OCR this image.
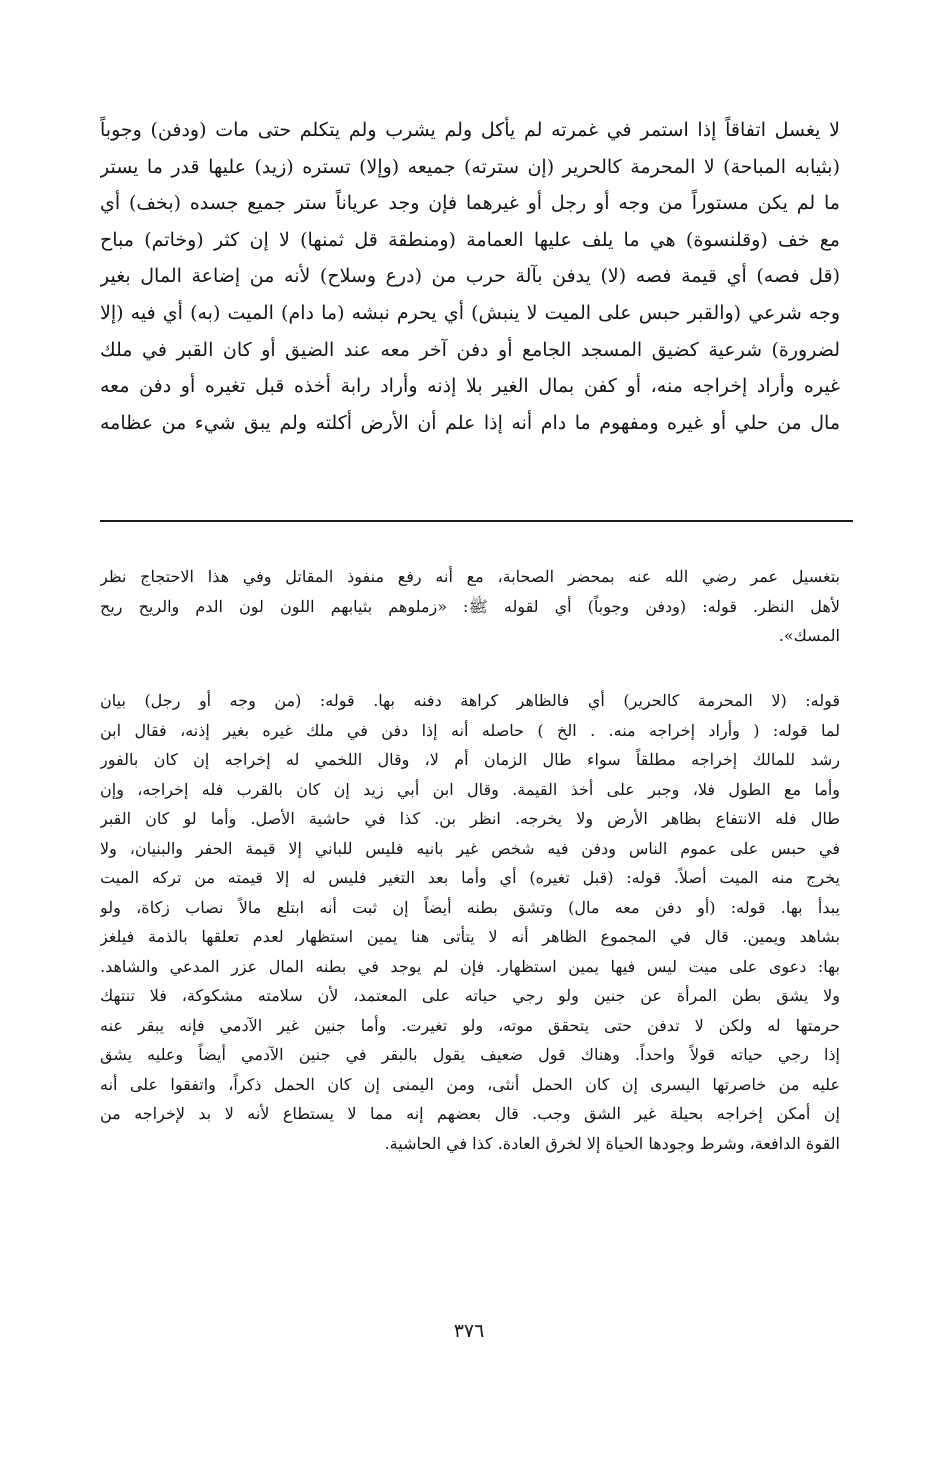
لا يغسل اتفاقاً إذا استمر في غمرته لم يأكل ولم يشرب ولم يتكلم حتى مات (ودفن) وجوباً
(بثيابه المباحة) لا المحرمة كالحرير (إن سترته) جميعه (وإلا) تستره (زيد) عليها قدر ما يستر
ما لم يكن مستوراً من وجه أو رجل أو غيرهما فإن وجد عرياناً ستر جميع جسده (بخف) أي
مع خف (وقلنسوة) هي ما يلف عليها العمامة (ومنطقة قل ثمنها) لا إن كثر (وخاتم) مباح
(قل فصه) أي قيمة فصه (لا) يدفن بآلة حرب من (درع وسلاح) لأنه من إضاعة المال بغير
وجه شرعي (والقبر حبس على الميت لا ينبش) أي يحرم نبشه (ما دام) الميت (به) أي فيه (إلا
لضرورة) شرعية كضيق المسجد الجامع أو دفن آخر معه عند الضيق أو كان القبر في ملك
غيره وأراد إخراجه منه، أو كفن بمال الغير بلا إذنه وأراد رابة أخذه قبل تغيره أو دفن معه
مال من حلي أو غيره ومفهوم ما دام أنه إذا علم أن الأرض أكلته ولم يبق شيء من عظامه
بتغسيل عمر رضي الله عنه بمحضر الصحابة، مع أنه رفع منفوذ المقاتل وفي هذا الاحتجاج نظر
لأهل النظر. قوله: (ودفن وجوباً) أي لقوله ﷺ: «زملوهم بثيابهم اللون لون الدم والريح ريح
المسك».
قوله: (لا المحرمة كالحرير) أي فالظاهر كراهة دفنه بها. قوله: (من وجه أو رجل) بيان
لما قوله: ( وأراد إخراجه منه. . الخ ) حاصله أنه إذا دفن في ملك غيره بغير إذنه، فقال ابن
رشد للمالك إخراجه مطلقاً سواء طال الزمان أم لا، وقال اللخمي له إخراجه إن كان بالفور
وأما مع الطول فلا، وجبر على أخذ القيمة. وقال ابن أبي زيد إن كان بالقرب فله إخراجه، وإن
طال فله الانتفاع بظاهر الأرض ولا يخرجه. انظر بن. كذا في حاشية الأصل. وأما لو كان القبر
في حبس على عموم الناس ودفن فيه شخص غير بانيه فليس للباني إلا قيمة الحفر والبنيان، ولا
يخرج منه الميت أصلاً. قوله: (قبل تغيره) أي وأما بعد التغير فليس له إلا قيمته من تركه الميت
يبدأ بها. قوله: (أو دفن معه مال) وتشق بطنه أيضاً إن ثبت أنه ابتلع مالاً نصاب زكاة، ولو
بشاهد ويمين. قال في المجموع الظاهر أنه لا يتأتى هنا يمين استظهار لعدم تعلقها بالذمة فيلغز
بها: دعوى على ميت ليس فيها يمين استظهار. فإن لم يوجد في بطنه المال عزر المدعي والشاهد.
ولا يشق بطن المرأة عن جنين ولو رجي حياته على المعتمد، لأن سلامته مشكوكة، فلا تنتهك
حرمتها له ولكن لا تدفن حتى يتحقق موته، ولو تغيرت. وأما جنين غير الآدمي فإنه يبقر عنه
إذا رجي حياته قولاً واحداً. وهناك قول ضعيف يقول بالبقر في جنين الآدمي أيضاً وعليه يشق
عليه من خاصرتها اليسرى إن كان الحمل أنثى، ومن اليمنى إن كان الحمل ذكراً، واتفقوا على أنه
إن أمكن إخراجه بحيلة غير الشق وجب. قال بعضهم إنه مما لا يستطاع لأنه لا بد لإخراجه من
القوة الدافعة، وشرط وجودها الحياة إلا لخرق العادة. كذا في الحاشية.
٣٧٦
